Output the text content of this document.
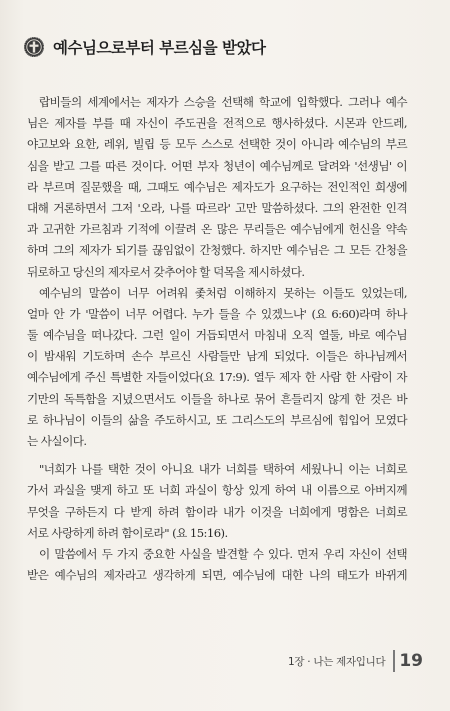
예수님으로부터 부르심을 받았다
랍비들의 세계에서는 제자가 스승을 선택해 학교에 입학했다. 그러나 예수
님은 제자를 부를 때 자신이 주도권을 전적으로 행사하셨다. 시몬과 안드레,
야고보와 요한, 레위, 빌립 등 모두 스스로 선택한 것이 아니라 예수님의 부르
심을 받고 그를 따른 것이다. 어떤 부자 청년이 예수님께로 달려와 '선생님' 이
라 부르며 질문했을 때, 그때도 예수님은 제자도가 요구하는 전인적인 희생에
대해 거론하면서 그저 '오라, 나를 따르라' 고만 말씀하셨다. 그의 완전한 인격
과 고귀한 가르침과 기적에 이끌려 온 많은 무리들은 예수님에게 헌신을 약속
하며 그의 제자가 되기를 끊임없이 간청했다. 하지만 예수님은 그 모든 간청을
뒤로하고 당신의 제자로서 갖추어야 할 덕목을 제시하셨다.
예수님의 말씀이 너무 어려워 좇처럼 이해하지 못하는 이들도 있었는데,
얼마 안 가 '말씀이 너무 어렵다. 누가 들을 수 있겠느냐' (요 6:60)라며 하나
둘 예수님을 떠나갔다. 그런 일이 거듭되면서 마침내 오직 열둘, 바로 예수님
이 밤새워 기도하며 손수 부르신 사람들만 남게 되었다. 이들은 하나님께서
예수님에게 주신 특별한 자들이었다(요 17:9). 열두 제자 한 사람 한 사람이 자
기만의 독특함을 지녔으면서도 이들을 하나로 묶어 흔들리지 않게 한 것은 바
로 하나님이 이들의 삶을 주도하시고, 또 그리스도의 부르심에 힘입어 모였다
는 사실이다.
"너희가 나를 택한 것이 아니요 내가 너희를 택하여 세웠나니 이는 너희로
가서 과실을 맺게 하고 또 너희 과실이 항상 있게 하여 내 이름으로 아버지께
무엇을 구하든지 다 받게 하려 함이라 내가 이것을 너희에게 명함은 너희로
서로 사랑하게 하려 함이로라" (요 15:16).
이 말씀에서 두 가지 중요한 사실을 발견할 수 있다. 먼저 우리 자신이 선택
받은 예수님의 제자라고 생각하게 되면, 예수님에 대한 나의 태도가 바뀌게
1장 · 나는 제자입니다 19
